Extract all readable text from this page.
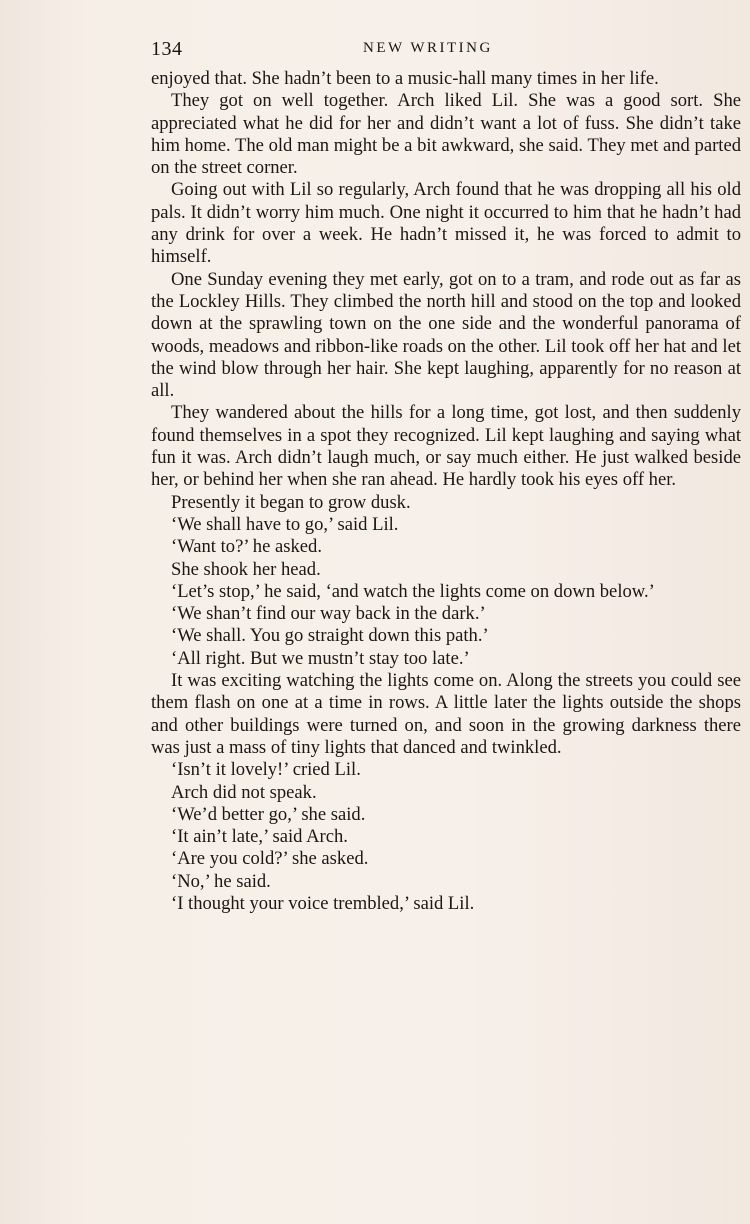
134	NEW WRITING

enjoyed that. She hadn’t been to a music-hall many times in her life.

They got on well together. Arch liked Lil. She was a good sort. She appreciated what he did for her and didn’t want a lot of fuss. She didn’t take him home. The old man might be a bit awkward, she said. They met and parted on the street corner.

Going out with Lil so regularly, Arch found that he was dropping all his old pals. It didn’t worry him much. One night it occurred to him that he hadn’t had any drink for over a week. He hadn’t missed it, he was forced to admit to himself.

One Sunday evening they met early, got on to a tram, and rode out as far as the Lockley Hills. They climbed the north hill and stood on the top and looked down at the sprawling town on the one side and the wonderful panorama of woods, meadows and ribbon-like roads on the other. Lil took off her hat and let the wind blow through her hair. She kept laughing, apparently for no reason at all.

They wandered about the hills for a long time, got lost, and then suddenly found themselves in a spot they recognized. Lil kept laughing and saying what fun it was. Arch didn’t laugh much, or say much either. He just walked beside her, or behind her when she ran ahead. He hardly took his eyes off her.

Presently it began to grow dusk.

‘We shall have to go,’ said Lil.

‘Want to?’ he asked.

She shook her head.

‘Let’s stop,’ he said, ‘and watch the lights come on down below.’

‘We shan’t find our way back in the dark.’

‘We shall. You go straight down this path.’

‘All right. But we mustn’t stay too late.’

It was exciting watching the lights come on. Along the streets you could see them flash on one at a time in rows. A little later the lights outside the shops and other buildings were turned on, and soon in the growing darkness there was just a mass of tiny lights that danced and twinkled.

‘Isn’t it lovely!’ cried Lil.

Arch did not speak.

‘We’d better go,’ she said.

‘It ain’t late,’ said Arch.

‘Are you cold?’ she asked.

‘No,’ he said.

‘I thought your voice trembled,’ said Lil.
